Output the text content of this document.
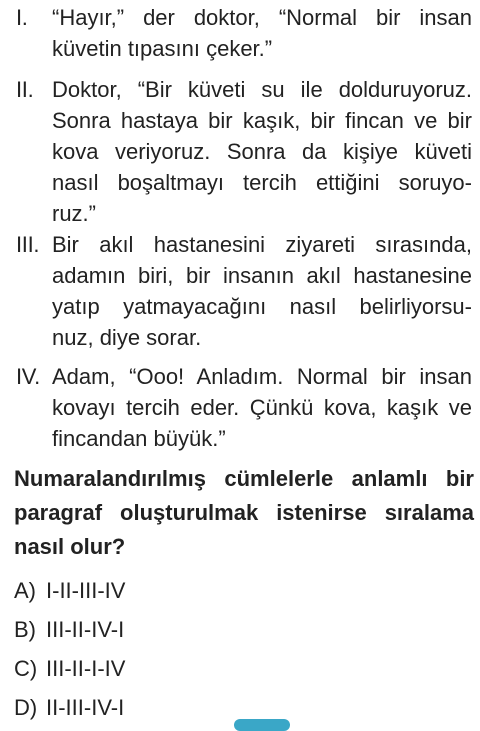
I. “Hayır,” der doktor, “Normal bir insan
küvetin tıpasını çeker.”
II. Doktor, “Bir küveti su ile dolduruyoruz.
Sonra hastaya bir kaşık, bir fincan ve bir
kova veriyoruz. Sonra da kişiye küveti
nasıl boşaltmayı tercih ettiğini soruyo-
ruz.”
III. Bir akıl hastanesini ziyareti sırasında,
adamın biri, bir insanın akıl hastanesine
yatıp yatmayacağını nasıl belirliyorsu-
nuz, diye sorar.
IV. Adam, “Ooo! Anladım. Normal bir insan
kovayı tercih eder. Çünkü kova, kaşık ve
fincandan büyük.”
Numaralandırılmış cümlelerle anlamlı bir
paragraf oluşturulmak istenirse sıralama
nasıl olur?
A) I-II-III-IV
B) III-II-IV-I
C) III-II-I-IV
D) II-III-IV-I
